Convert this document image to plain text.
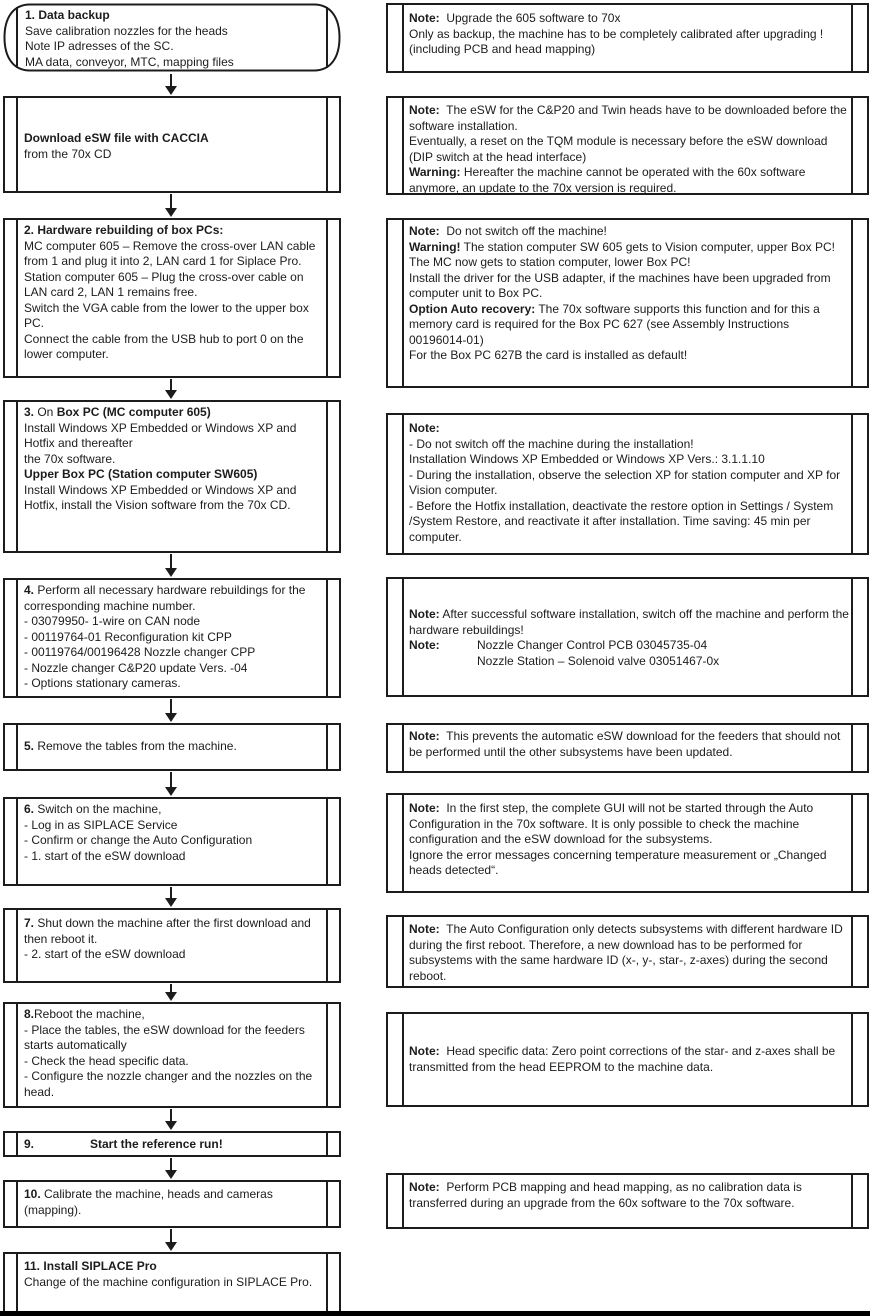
1. Data backup
Save calibration nozzles for the heads
Note IP adresses of the SC.
MA data, conveyor, MTC, mapping files
Download eSW file with CACCIA
from the 70x CD
2. Hardware rebuilding of box PCs:
MC computer 605 – Remove the cross-over LAN cable from 1 and plug it into 2, LAN card 1 for Siplace Pro.
Station computer 605 – Plug the cross-over cable on LAN card 2, LAN 1 remains free.
Switch the VGA cable from the lower to the upper box PC.
Connect the cable from the USB hub to port 0 on the lower computer.
3. On Box PC (MC computer 605)
Install Windows XP Embedded or Windows XP and Hotfix and thereafter
the 70x software.
Upper Box PC (Station computer SW605)
Install Windows XP Embedded or Windows XP and Hotfix, install the Vision software from the 70x CD.
4. Perform all necessary hardware rebuildings for the corresponding machine number.
- 03079950- 1-wire on CAN node
- 00119764-01 Reconfiguration kit CPP
- 00119764/00196428 Nozzle changer CPP
- Nozzle changer C&P20 update Vers. -04
- Options stationary cameras.
5. Remove the tables from the machine.
6. Switch on the machine,
- Log in as SIPLACE Service
- Confirm or change the Auto Configuration
- 1. start of the eSW download
7. Shut down the machine after the first download and then reboot it.
- 2. start of the eSW download
8.Reboot the machine,
- Place the tables, the eSW download for the feeders starts automatically
- Check the head specific data.
- Configure the nozzle changer and the nozzles on the head.
9.	Start the reference run!
10. Calibrate the machine, heads and cameras (mapping).
11. Install SIPLACE Pro
Change of the machine configuration in SIPLACE Pro.
Note:  Upgrade the 605 software to 70x
Only as backup, the machine has to be completely calibrated after upgrading ! (including PCB and head mapping)
Note:  The eSW for the C&P20 and Twin heads have to be downloaded before the software installation.
Eventually, a reset on the TQM module is necessary before the eSW download (DIP switch at the head interface)
Warning: Hereafter the machine cannot be operated with the 60x software anymore, an update to the 70x version is required.
Note:  Do not switch off the machine!
Warning! The station computer SW 605 gets to Vision computer, upper Box PC! The MC now gets to station computer, lower Box PC!
Install the driver for the USB adapter, if the machines have been upgraded from computer unit to Box PC.
Option Auto recovery: The 70x software supports this function and for this a memory card is required for the Box PC 627 (see Assembly Instructions 00196014-01)
For the Box PC 627B the card is installed as default!
Note:
- Do not switch off the machine during the installation!
Installation Windows XP Embedded or Windows XP Vers.: 3.1.1.10
- During the installation, observe the selection XP for station computer and XP for Vision computer.
- Before the Hotfix installation, deactivate the restore option in Settings / System /System Restore, and reactivate it after installation. Time saving: 45 min per computer.
Note: After successful software installation, switch off the machine and perform the hardware rebuildings!
Note:	Nozzle Changer Control PCB 03045735-04
Nozzle Station – Solenoid valve 03051467-0x
Note:  This prevents the automatic eSW download for the feeders that should not be performed until the other subsystems have been updated.
Note:  In the first step, the complete GUI will not be started through the Auto Configuration in the 70x software. It is only possible to check the machine configuration and the eSW download for the subsystems.
Ignore the error messages concerning temperature measurement or „Changed heads detected“.
Note:  The Auto Configuration only detects subsystems with different hardware ID during the first reboot. Therefore, a new download has to be performed for subsystems with the same hardware ID (x-, y-, star-, z-axes) during the second reboot.
Note:  Head specific data: Zero point corrections of the star- and z-axes shall be transmitted from the head EEPROM to the machine data.
Note:  Perform PCB mapping and head mapping, as no calibration data is transferred during an upgrade from the 60x software to the 70x software.
